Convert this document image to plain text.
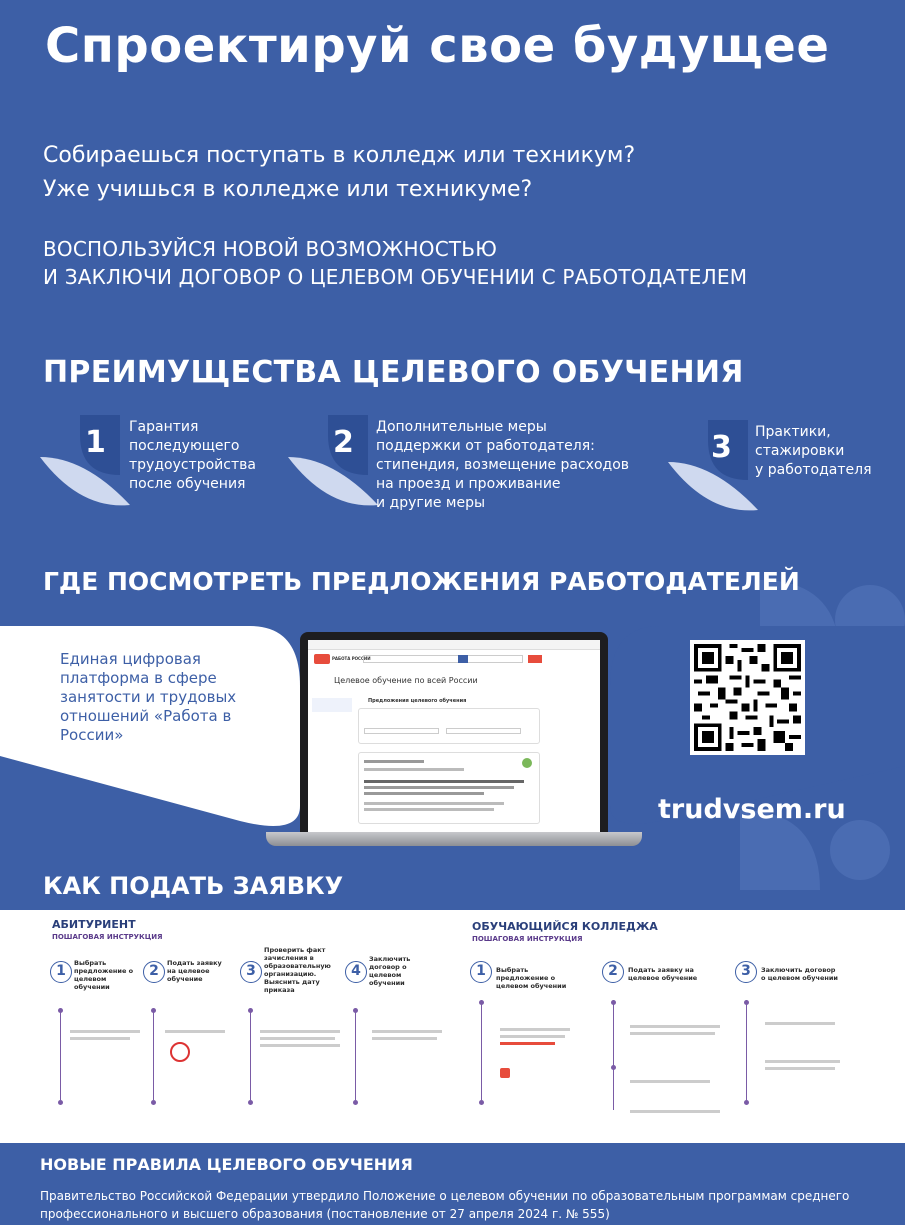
Спроектируй свое будущее
Собираешься поступать в колледж или техникум?
Уже учишься в колледже или техникуме?
ВОСПОЛЬЗУЙСЯ НОВОЙ ВОЗМОЖНОСТЬЮ
И ЗАКЛЮЧИ ДОГОВОР О ЦЕЛЕВОМ ОБУЧЕНИИ С РАБОТОДАТЕЛЕМ
ПРЕИМУЩЕСТВА ЦЕЛЕВОГО ОБУЧЕНИЯ
1 Гарантия
последующего
трудоустройства
после обучения
2 Дополнительные меры
поддержки от работодателя:
стипендия, возмещение расходов
на проезд и проживание
и другие меры
3 Практики,
стажировки
у работодателя
ГДЕ ПОСМОТРЕТЬ ПРЕДЛОЖЕНИЯ РАБОТОДАТЕЛЕЙ
Единая цифровая
платформа в сфере
занятости и трудовых
отношений «Работа в России»
РАБОТА РОССИИ
Целевое обучение по всей России
Предложения целевого обучения
trudvsem.ru
КАК ПОДАТЬ ЗАЯВКУ
АБИТУРИЕНТ
ПОШАГОВАЯ ИНСТРУКЦИЯ
1	Выбрать предложение о целевом обучении
2	Подать заявку на целевое обучение	3
Проверить факт зачисления в образовательную организацию. Выяснить дату приказа
4
Заключить договор о целевом обучении
ОБУЧАЮЩИЙСЯ КОЛЛЕДЖА
ПОШАГОВАЯ ИНСТРУКЦИЯ
1	Выбрать предложение о целевом обучении
2	Подать заявку на целевое обучение	3	Заключить договор о целевом обучении
НОВЫЕ ПРАВИЛА ЦЕЛЕВОГО ОБУЧЕНИЯ
Правительство Российской Федерации утвердило Положение о целевом обучении по образовательным программам среднего профессионального и высшего образования (постановление от 27 апреля 2024 г. № 555)
